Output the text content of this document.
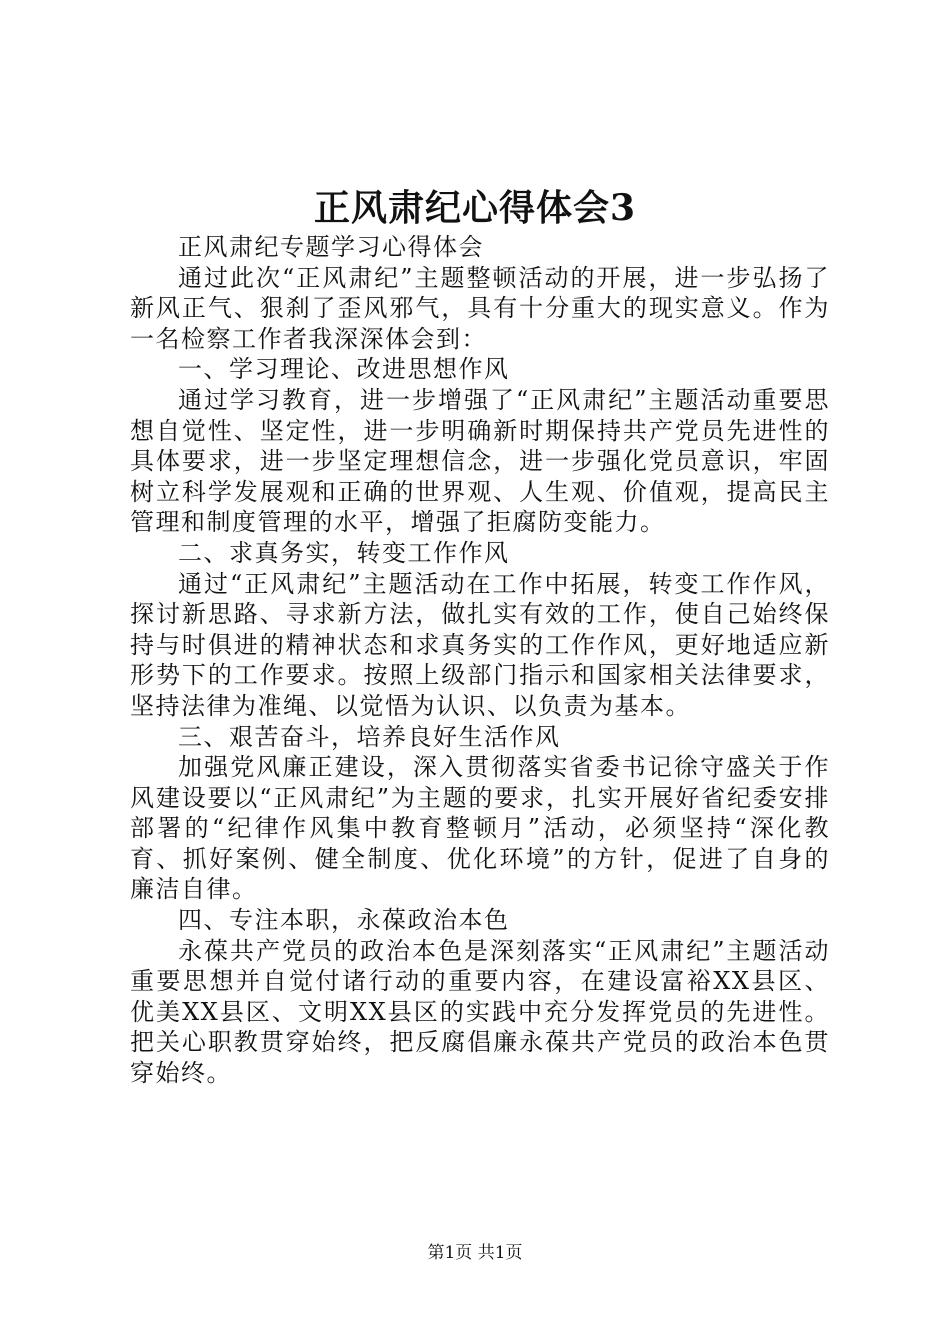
正风肃纪心得体会3

正风肃纪专题学习心得体会

通过此次“正风肃纪”主题整顿活动的开展，进一步弘扬了新风正气、狠刹了歪风邪气，具有十分重大的现实意义。作为一名检察工作者我深深体会到：

一、学习理论、改进思想作风

通过学习教育，进一步增强了“正风肃纪”主题活动重要思想自觉性、坚定性，进一步明确新时期保持共产党员先进性的具体要求，进一步坚定理想信念，进一步强化党员意识，牢固树立科学发展观和正确的世界观、人生观、价值观，提高民主管理和制度管理的水平，增强了拒腐防变能力。

二、求真务实，转变工作作风

通过“正风肃纪”主题活动在工作中拓展，转变工作作风，探讨新思路、寻求新方法，做扎实有效的工作，使自己始终保持与时俱进的精神状态和求真务实的工作作风，更好地适应新形势下的工作要求。按照上级部门指示和国家相关法律要求，坚持法律为准绳、以觉悟为认识、以负责为基本。

三、艰苦奋斗，培养良好生活作风

加强党风廉正建设，深入贯彻落实省委书记徐守盛关于作风建设要以“正风肃纪”为主题的要求，扎实开展好省纪委安排部署的“纪律作风集中教育整顿月”活动，必须坚持“深化教育、抓好案例、健全制度、优化环境”的方针，促进了自身的廉洁自律。

四、专注本职，永葆政治本色

永葆共产党员的政治本色是深刻落实“正风肃纪”主题活动重要思想并自觉付诸行动的重要内容，在建设富裕XX县区、优美XX县区、文明XX县区的实践中充分发挥党员的先进性。把关心职教贯穿始终，把反腐倡廉永葆共产党员的政治本色贯穿始终。

第1页 共1页
